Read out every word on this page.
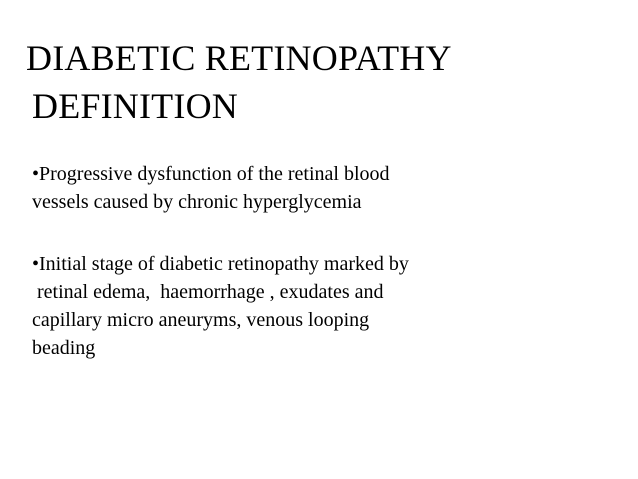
DIABETIC RETINOPATHY
DEFINITION
•Progressive dysfunction of the retinal blood
vessels caused by chronic hyperglycemia
•Initial stage of diabetic retinopathy marked by
retinal edema,  haemorrhage , exudates and
capillary micro aneuryms, venous looping
beading
